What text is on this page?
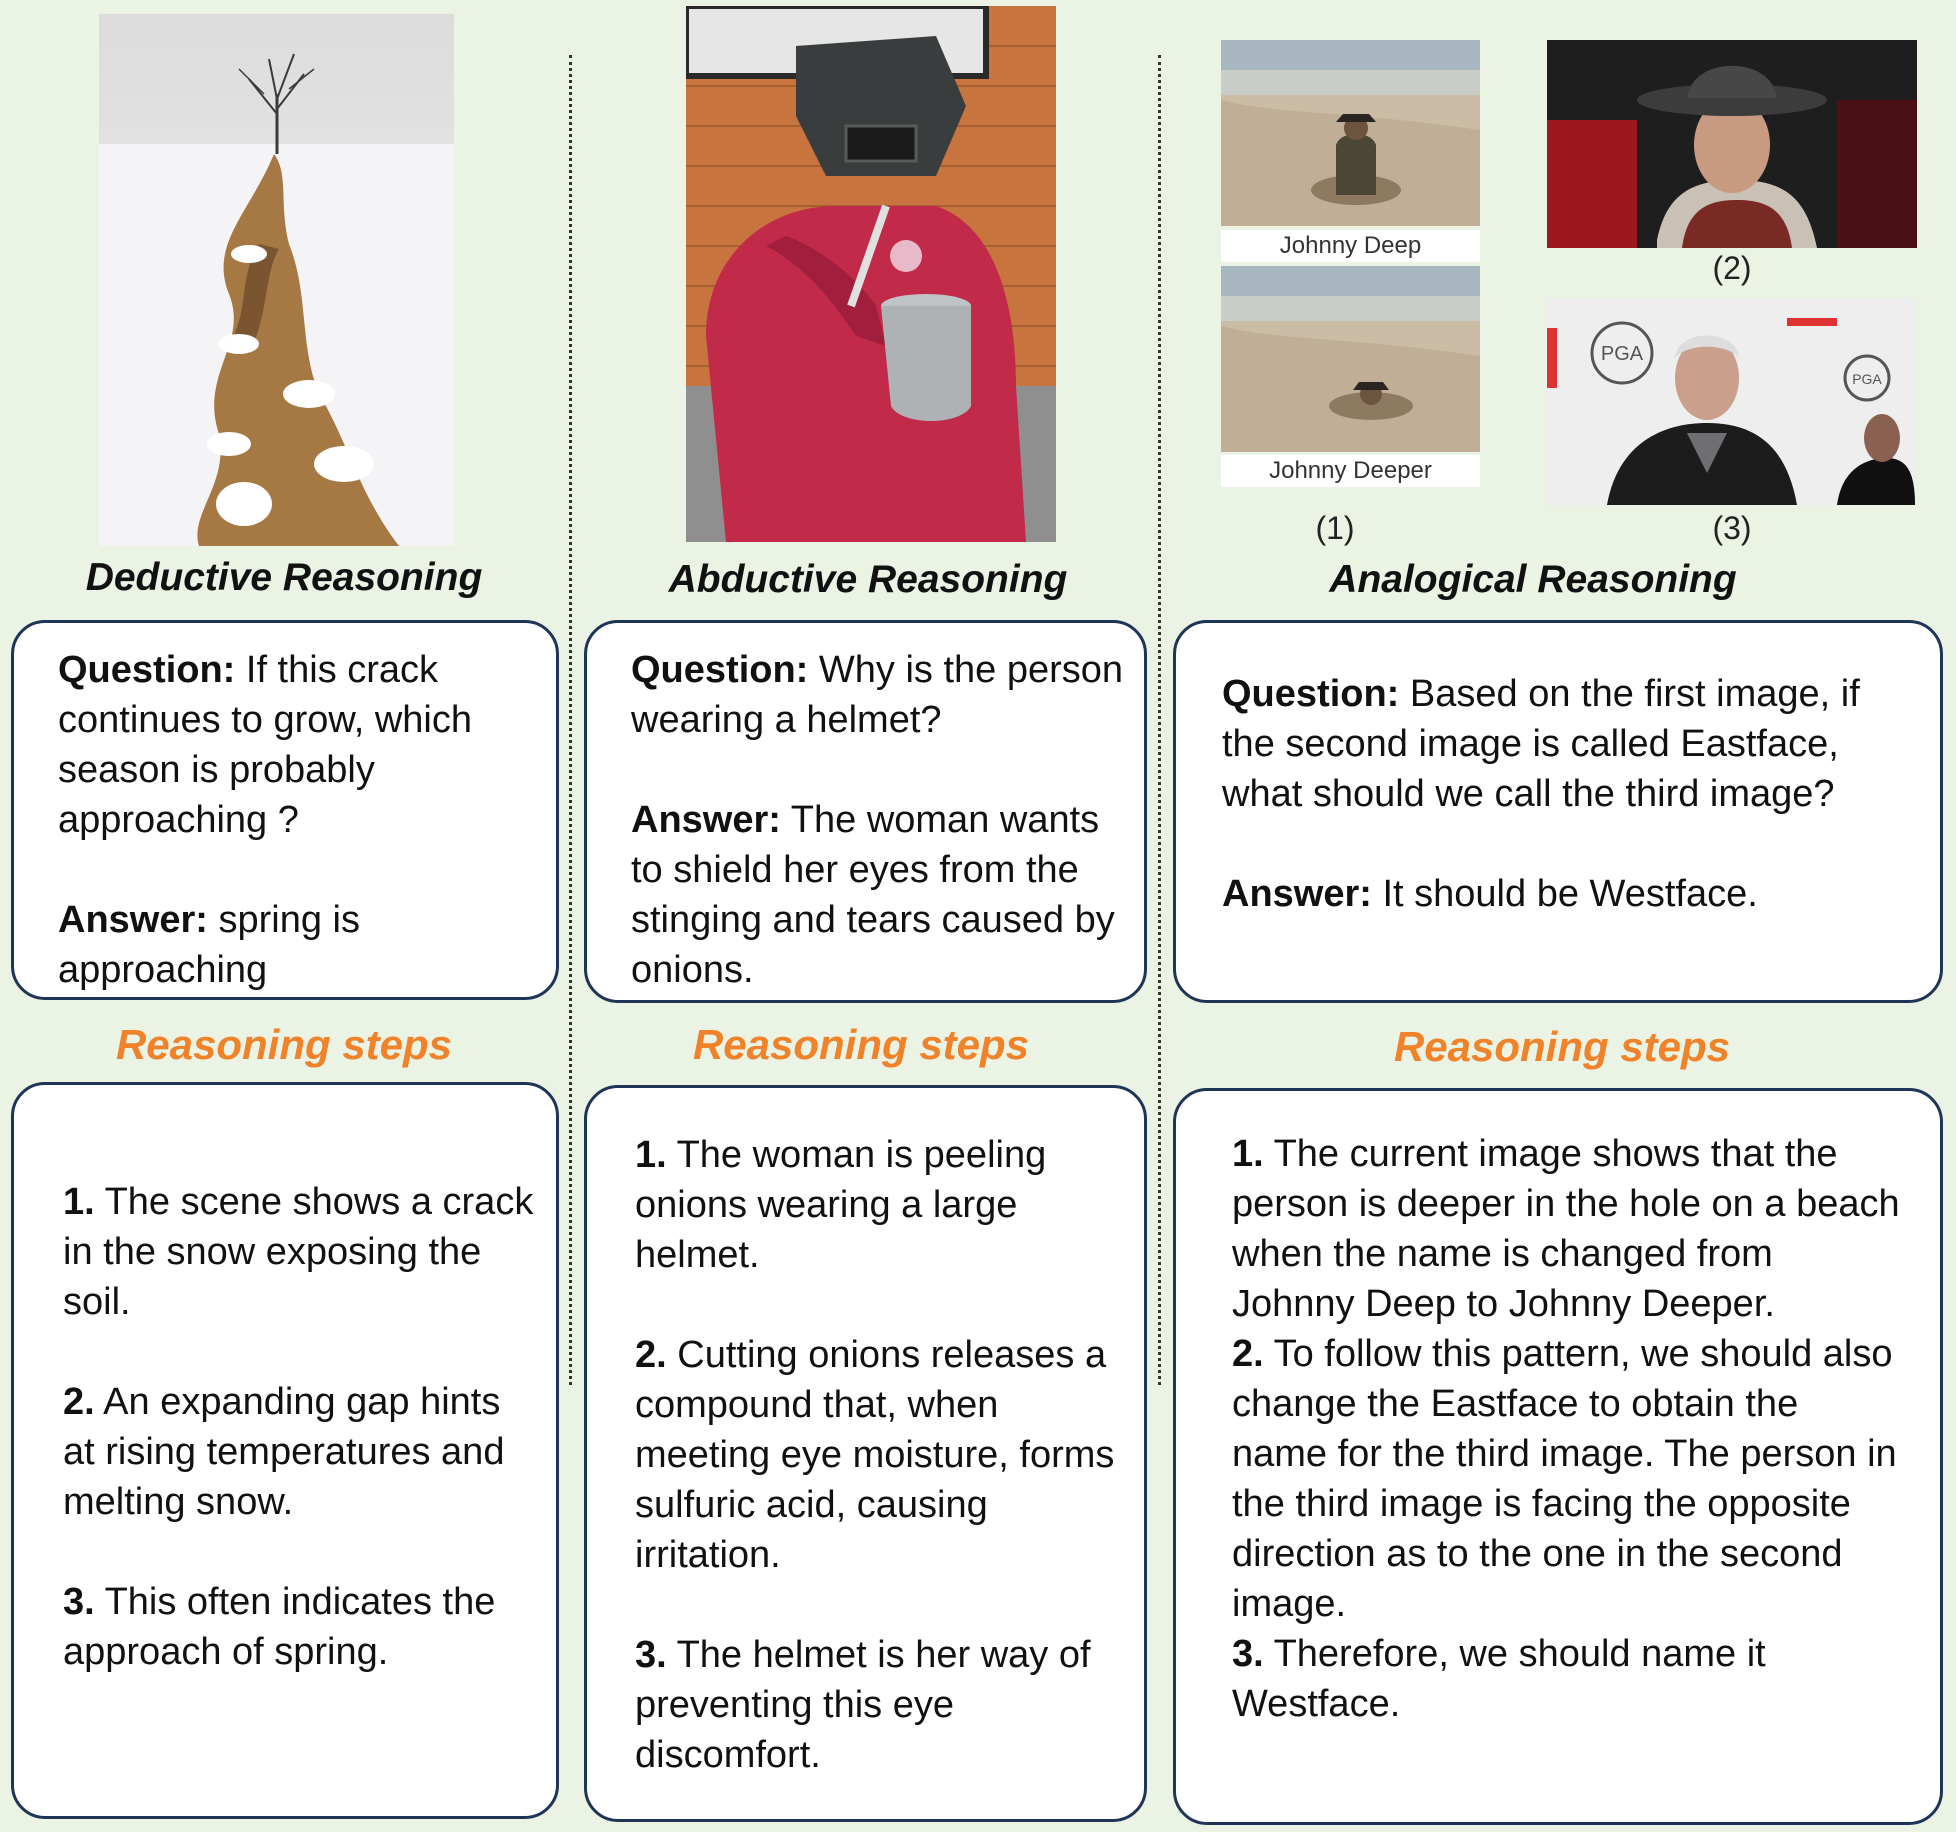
Johnny Deep
Johnny Deeper
(1)
(2)
PGA
PGA
(3)
Deductive Reasoning	Abductive Reasoning	Analogical Reasoning

Question: If this crack continues to grow, which season is probably approaching ?

Answer: spring is approaching

Question: Why is the person wearing a helmet?

Answer: The woman wants to shield her eyes from the stinging and tears caused by onions.

Question: Based on the first image, if the second image is called Eastface, what should we call the third image?

Answer: It should be Westface.

Reasoning steps	Reasoning steps	Reasoning steps

1. The scene shows a crack in the snow exposing the soil.

2. An expanding gap hints at rising temperatures and melting snow.

3. This often indicates the approach of spring.

1. The woman is peeling onions wearing a large helmet.

2. Cutting onions releases a compound that, when meeting eye moisture, forms sulfuric acid, causing irritation.

3. The helmet is her way of preventing this eye discomfort.

1. The current image shows that the person is deeper in the hole on a beach when the name is changed from Johnny Deep to Johnny Deeper.

2. To follow this pattern, we should also change the Eastface to obtain the name for the third image. The person in the third image is facing the opposite direction as to the one in the second image.

3. Therefore, we should name it Westface.
